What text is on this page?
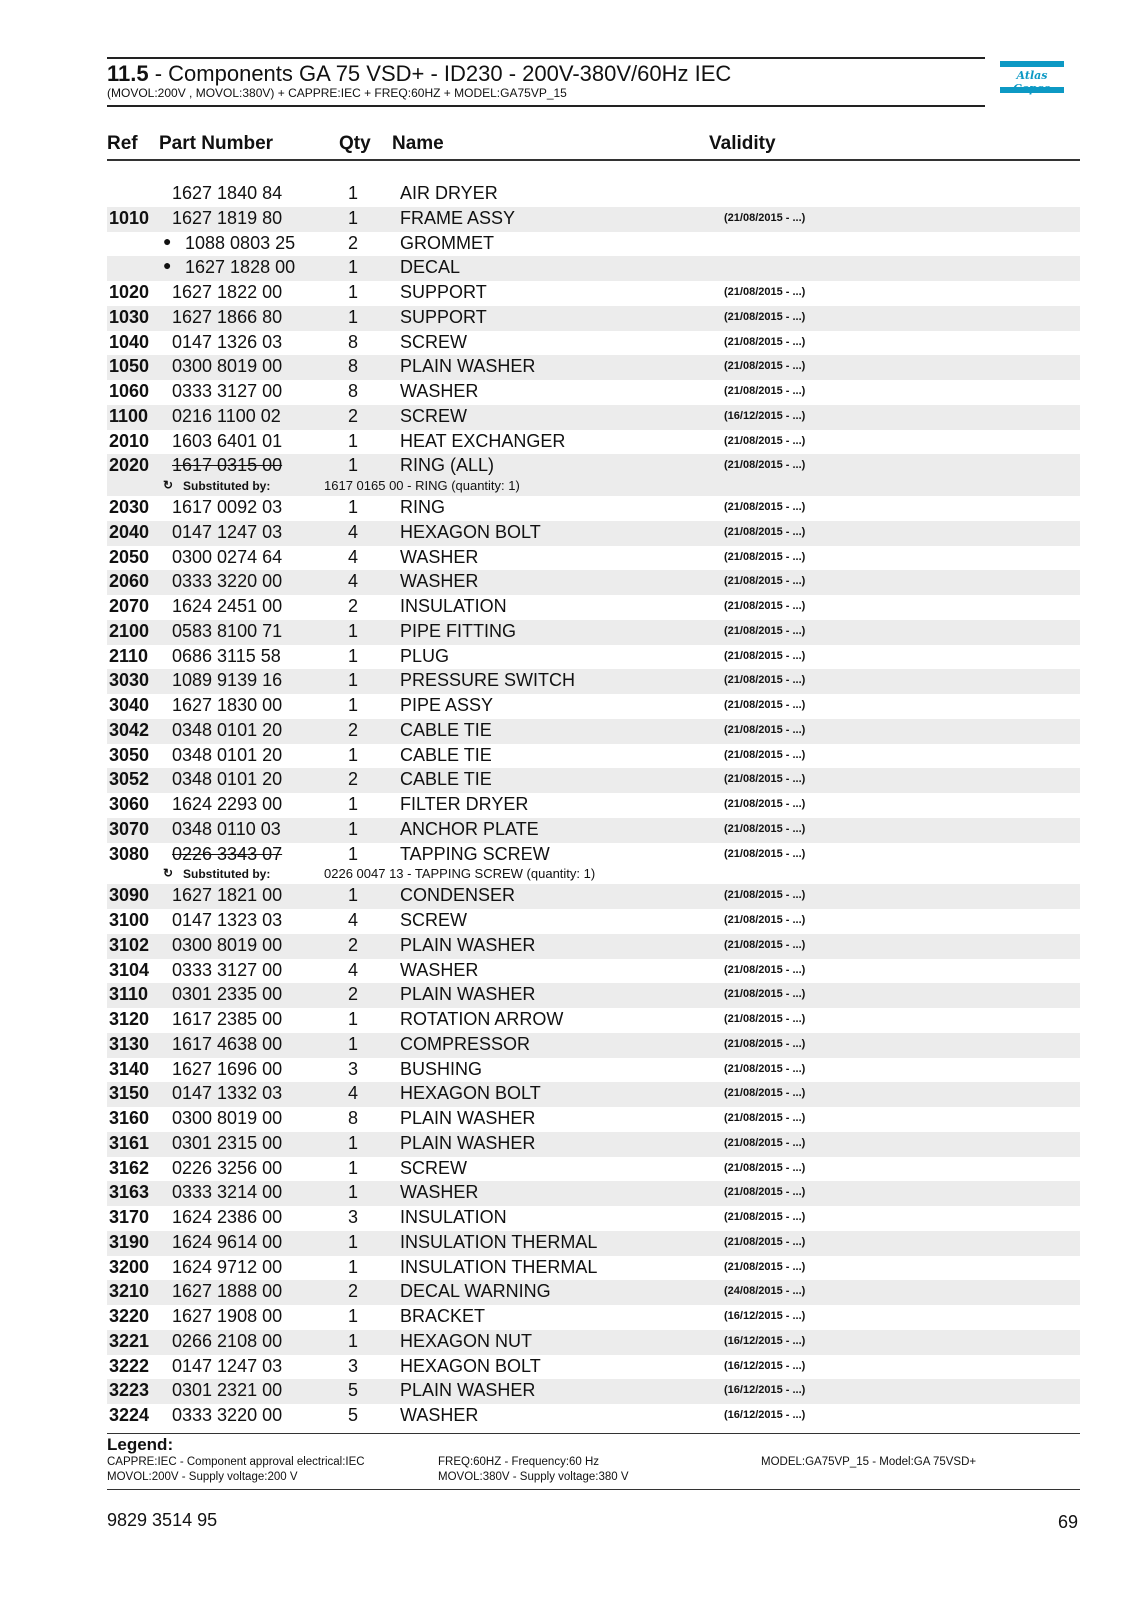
11.5 - Components GA 75 VSD+ - ID230 - 200V-380V/60Hz IEC
(MOVOL:200V , MOVOL:380V) + CAPPRE:IEC + FREQ:60HZ + MODEL:GA75VP_15
Atlas
Ref Part Number	Qty Name	Validity
1627 1840 84	1 AIR DRYER
1010 1627 1819 80	1 FRAME ASSY	(21/08/2015 - ...)
● 1088 0803 25	2 GROMMET
● 1627 1828 00	1 DECAL
1020 1627 1822 00	1 SUPPORT	(21/08/2015 - ...)
1030 1627 1866 80	1 SUPPORT	(21/08/2015 - ...)
1040 0147 1326 03	8 SCREW	(21/08/2015 - ...)
1050 0300 8019 00	8 PLAIN WASHER	(21/08/2015 - ...)
1060 0333 3127 00	8 WASHER	(21/08/2015 - ...)
1100 0216 1100 02	2 SCREW	(16/12/2015 - ...)
2010 1603 6401 01	1 HEAT EXCHANGER	(21/08/2015 - ...)
2020 1617 0315 00	1 RING (ALL)	(21/08/2015 - ...)
↻ Substituted by:	1617 0165 00 - RING (quantity: 1)
2030 1617 0092 03	1 RING	(21/08/2015 - ...)
2040 0147 1247 03	4 HEXAGON BOLT	(21/08/2015 - ...)
2050 0300 0274 64	4 WASHER	(21/08/2015 - ...)
2060 0333 3220 00	4 WASHER	(21/08/2015 - ...)
2070 1624 2451 00	2 INSULATION	(21/08/2015 - ...)
2100 0583 8100 71	1 PIPE FITTING	(21/08/2015 - ...)
2110 0686 3115 58	1 PLUG	(21/08/2015 - ...)
3030 1089 9139 16	1 PRESSURE SWITCH	(21/08/2015 - ...)
3040 1627 1830 00	1 PIPE ASSY	(21/08/2015 - ...)
3042 0348 0101 20	2 CABLE TIE	(21/08/2015 - ...)
3050 0348 0101 20	1 CABLE TIE	(21/08/2015 - ...)
3052 0348 0101 20	2 CABLE TIE	(21/08/2015 - ...)
3060 1624 2293 00	1 FILTER DRYER	(21/08/2015 - ...)
3070 0348 0110 03	1 ANCHOR PLATE	(21/08/2015 - ...)
3080 0226 3343 07	1 TAPPING SCREW	(21/08/2015 - ...)
↻ Substituted by:	0226 0047 13 - TAPPING SCREW (quantity: 1)
3090 1627 1821 00	1 CONDENSER	(21/08/2015 - ...)
3100 0147 1323 03	4 SCREW	(21/08/2015 - ...)
3102 0300 8019 00	2 PLAIN WASHER	(21/08/2015 - ...)
3104 0333 3127 00	4 WASHER	(21/08/2015 - ...)
3110 0301 2335 00	2 PLAIN WASHER	(21/08/2015 - ...)
3120 1617 2385 00	1 ROTATION ARROW	(21/08/2015 - ...)
3130 1617 4638 00	1 COMPRESSOR	(21/08/2015 - ...)
3140 1627 1696 00	3 BUSHING	(21/08/2015 - ...)
3150 0147 1332 03	4 HEXAGON BOLT	(21/08/2015 - ...)
3160 0300 8019 00	8 PLAIN WASHER	(21/08/2015 - ...)
3161 0301 2315 00	1 PLAIN WASHER	(21/08/2015 - ...)
3162 0226 3256 00	1 SCREW	(21/08/2015 - ...)
3163 0333 3214 00	1 WASHER	(21/08/2015 - ...)
3170 1624 2386 00	3 INSULATION	(21/08/2015 - ...)
3190 1624 9614 00	1 INSULATION THERMAL	(21/08/2015 - ...)
3200 1624 9712 00	1 INSULATION THERMAL	(21/08/2015 - ...)
3210 1627 1888 00	2 DECAL WARNING	(24/08/2015 - ...)
3220 1627 1908 00	1 BRACKET	(16/12/2015 - ...)
3221 0266 2108 00	1 HEXAGON NUT	(16/12/2015 - ...)
3222 0147 1247 03	3 HEXAGON BOLT	(16/12/2015 - ...)
3223 0301 2321 00	5 PLAIN WASHER	(16/12/2015 - ...)
3224 0333 3220 00	5 WASHER	(16/12/2015 - ...)
Legend:
CAPPRE:IEC - Component approval electrical:IEC
MOVOL:200V - Supply voltage:200 V
FREQ:60HZ - Frequency:60 Hz
MOVOL:380V - Supply voltage:380 V
MODEL:GA75VP_15 - Model:GA 75VSD+
9829 3514 95	69
